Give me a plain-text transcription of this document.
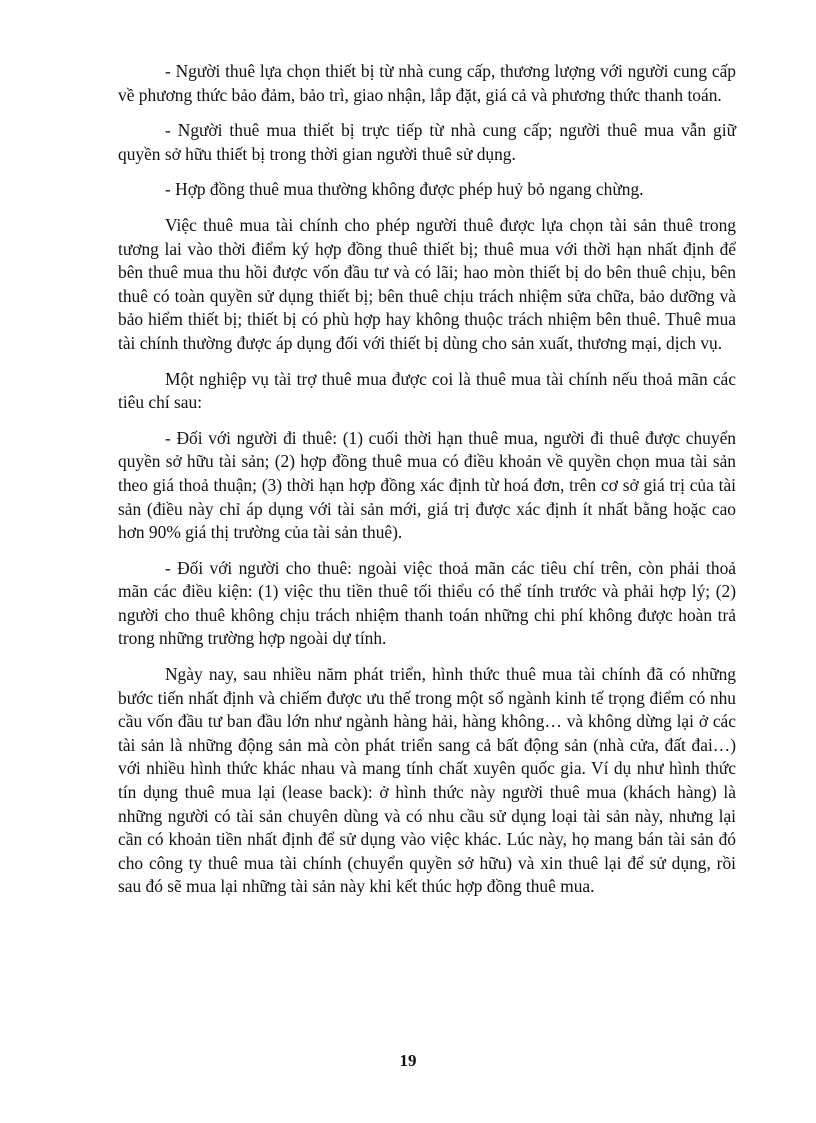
- Người thuê lựa chọn thiết bị từ nhà cung cấp, thương lượng với người cung cấp về phương thức bảo đảm, bảo trì, giao nhận, lắp đặt, giá cả và phương thức thanh toán.

- Người thuê mua thiết bị trực tiếp từ nhà cung cấp; người thuê mua vẫn giữ quyền sở hữu thiết bị trong thời gian người thuê sử dụng.

- Hợp đồng thuê mua thường không được phép huỷ bỏ ngang chừng.

Việc thuê mua tài chính cho phép người thuê được lựa chọn tài sản thuê trong tương lai vào thời điểm ký hợp đồng thuê thiết bị; thuê mua với thời hạn nhất định để bên thuê mua thu hồi được vốn đầu tư và có lãi; hao mòn thiết bị do bên thuê chịu, bên thuê có toàn quyền sử dụng thiết bị; bên thuê chịu trách nhiệm sửa chữa, bảo dưỡng và bảo hiểm thiết bị; thiết bị có phù hợp hay không thuộc trách nhiệm bên thuê. Thuê mua tài chính thường được áp dụng đối với thiết bị dùng cho sản xuất, thương mại, dịch vụ.

Một nghiệp vụ tài trợ thuê mua được coi là thuê mua tài chính nếu thoả mãn các tiêu chí sau:

- Đối với người đi thuê: (1) cuối thời hạn thuê mua, người đi thuê được chuyển quyền sở hữu tài sản; (2) hợp đồng thuê mua có điều khoản về quyền chọn mua tài sản theo giá thoả thuận; (3) thời hạn hợp đồng xác định từ hoá đơn, trên cơ sở giá trị của tài sản (điều này chỉ áp dụng với tài sản mới, giá trị được xác định ít nhất bằng hoặc cao hơn 90% giá thị trường của tài sản thuê).

- Đối với người cho thuê: ngoài việc thoả mãn các tiêu chí trên, còn phải thoả mãn các điều kiện: (1) việc thu tiền thuê tối thiểu có thể tính trước và phải hợp lý; (2) người cho thuê không chịu trách nhiệm thanh toán những chi phí không được hoàn trả trong những trường hợp ngoài dự tính.

Ngày nay, sau nhiều năm phát triển, hình thức thuê mua tài chính đã có những bước tiến nhất định và chiếm được ưu thế trong một số ngành kinh tế trọng điểm có nhu cầu vốn đầu tư ban đầu lớn như ngành hàng hải, hàng không… và không dừng lại ở các tài sản là những động sản mà còn phát triển sang cả bất động sản (nhà cửa, đất đai…) với nhiều hình thức khác nhau và mang tính chất xuyên quốc gia. Ví dụ như hình thức tín dụng thuê mua lại (lease back): ở hình thức này người thuê mua (khách hàng) là những người có tài sản chuyên dùng và có nhu cầu sử dụng loại tài sản này, nhưng lại cần có khoản tiền nhất định để sử dụng vào việc khác. Lúc này, họ mang bán tài sản đó cho công ty thuê mua tài chính (chuyển quyền sở hữu) và xin thuê lại để sử dụng, rồi sau đó sẽ mua lại những tài sản này khi kết thúc hợp đồng thuê mua.

19
